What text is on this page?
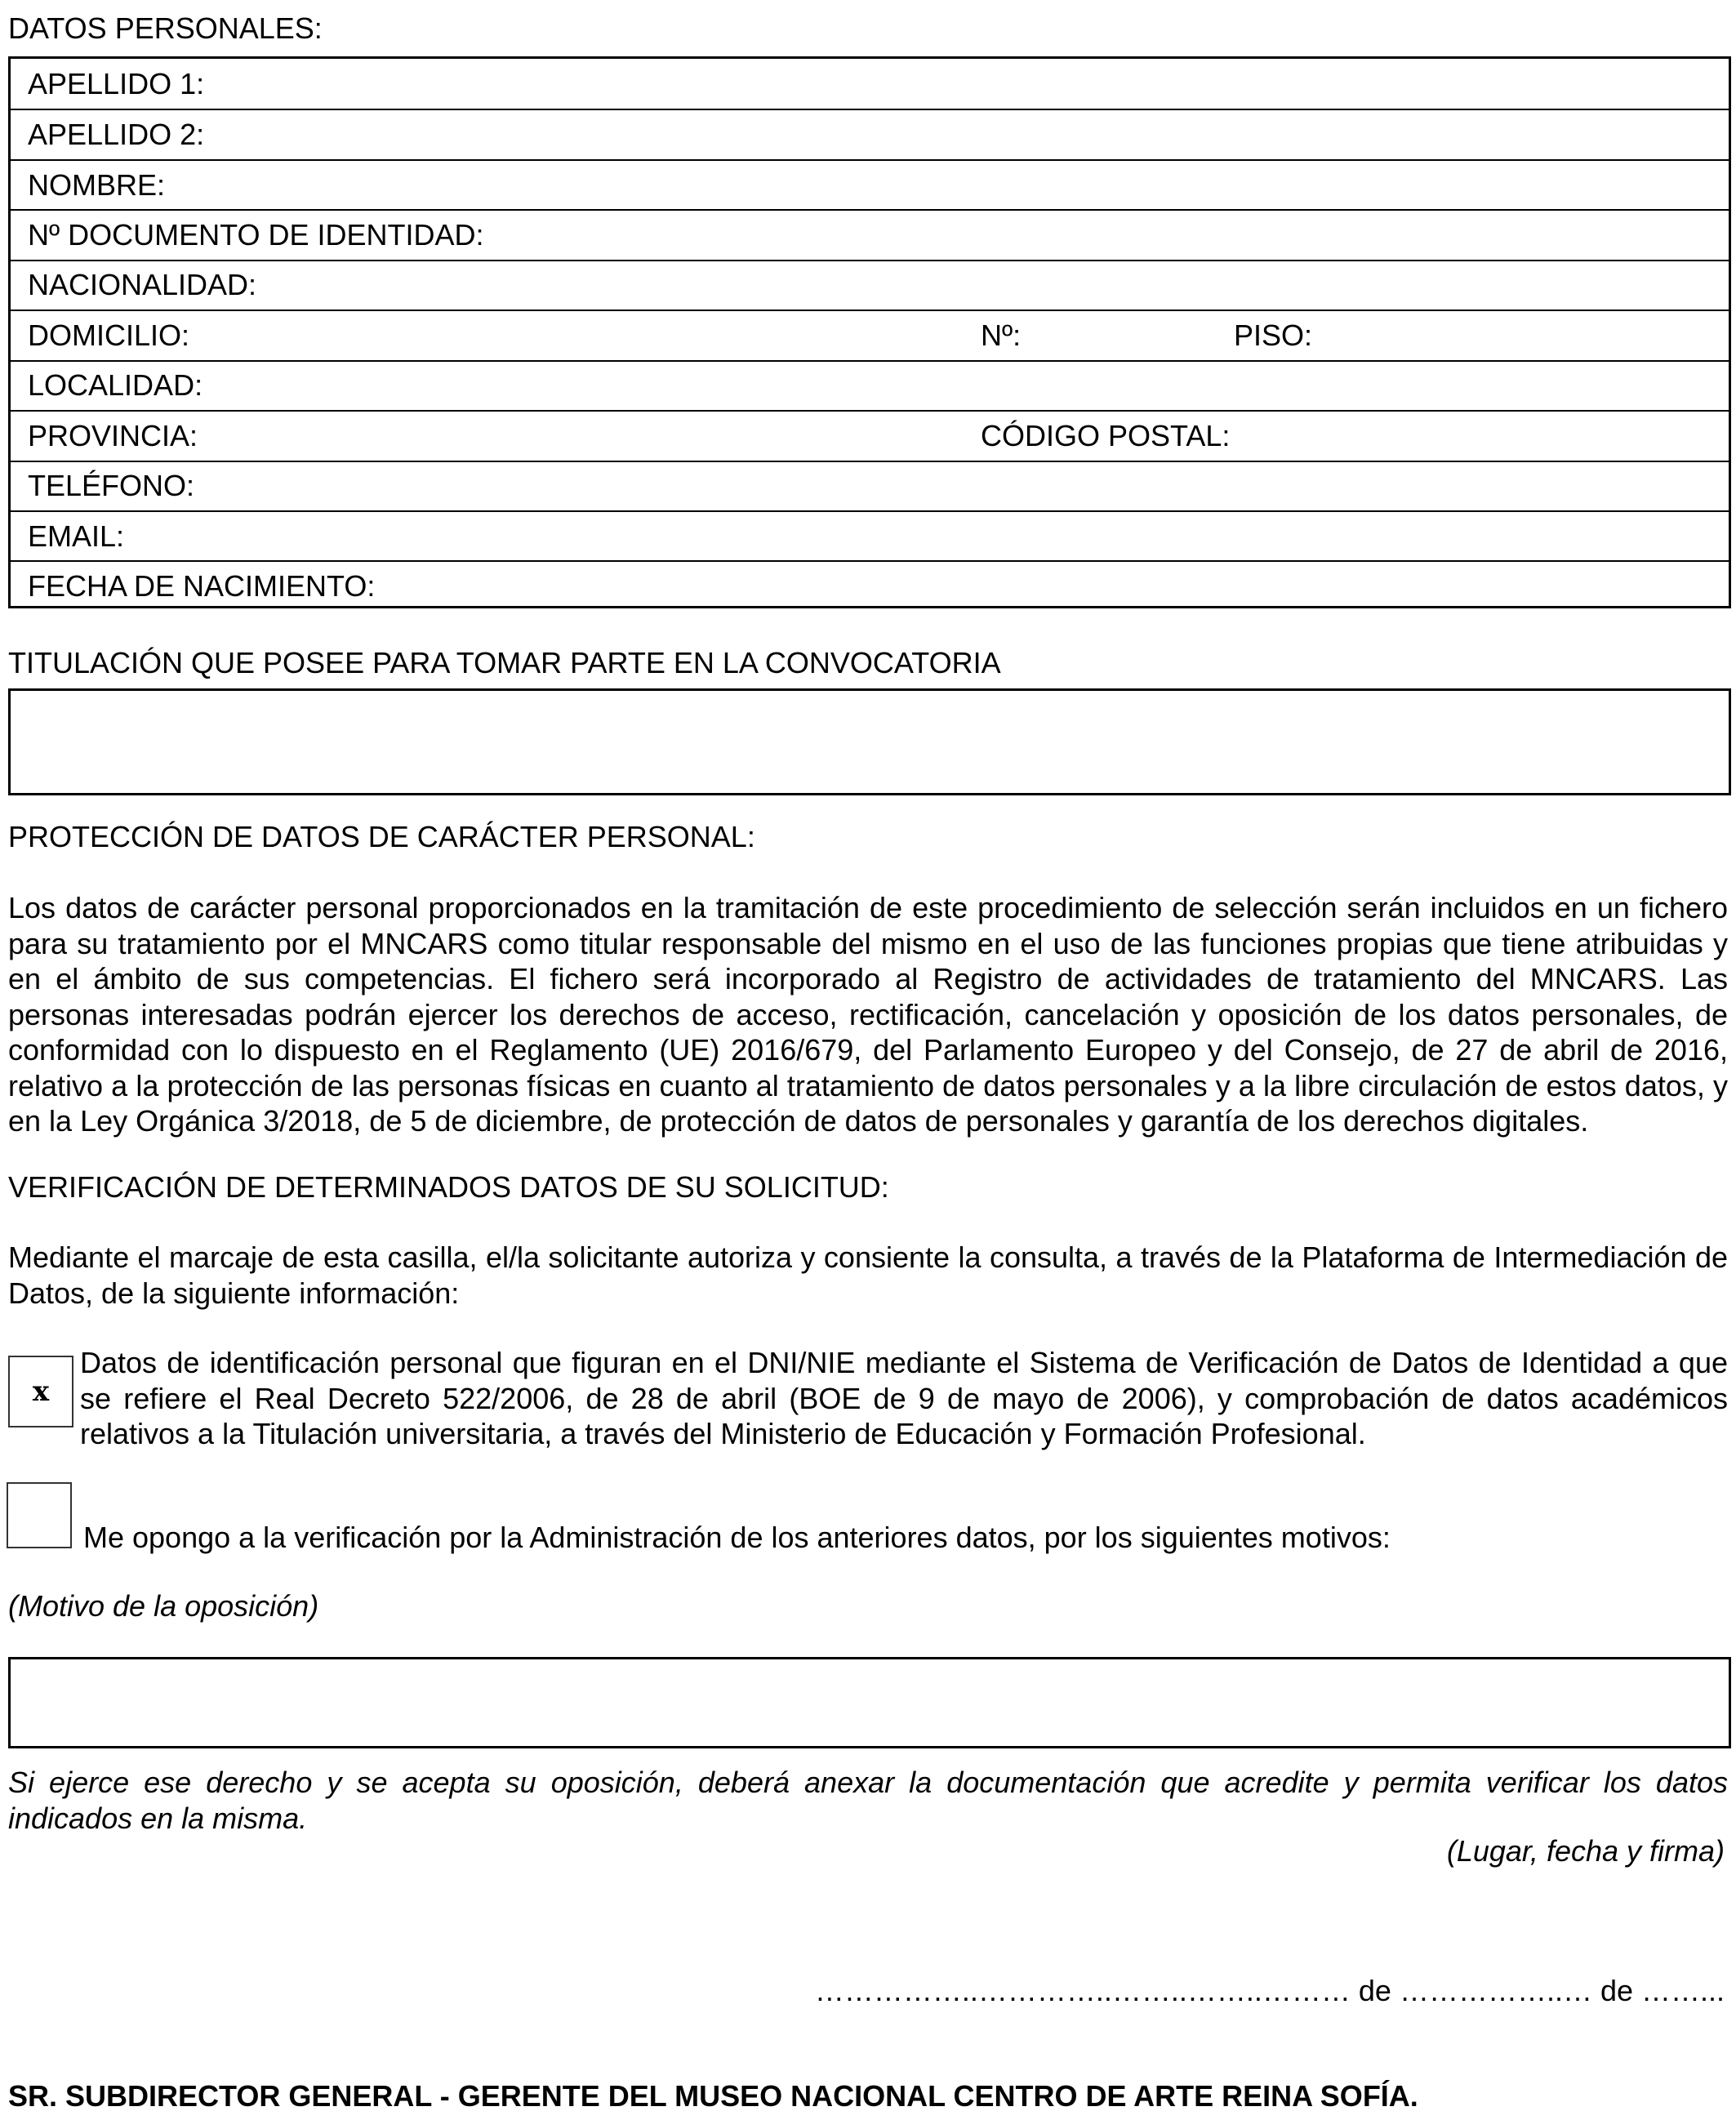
DATOS PERSONALES:
APELLIDO 1:
APELLIDO 2:
NOMBRE:
Nº DOCUMENTO DE IDENTIDAD:
NACIONALIDAD:
DOMICILIO:	Nº:	PISO:
LOCALIDAD:
PROVINCIA:	CÓDIGO POSTAL:
TELÉFONO:
EMAIL:
FECHA DE NACIMIENTO:
TITULACIÓN QUE POSEE PARA TOMAR PARTE EN LA CONVOCATORIA
PROTECCIÓN DE DATOS DE CARÁCTER PERSONAL:

Los datos de carácter personal proporcionados en la tramitación de este procedimiento de selección serán incluidos en un fichero para su tratamiento por el MNCARS como titular responsable del mismo en el uso de las funciones propias que tiene atribuidas y en el ámbito de sus competencias. El fichero será incorporado al Registro de actividades de tratamiento del MNCARS. Las personas interesadas podrán ejercer los derechos de acceso, rectificación, cancelación y oposición de los datos personales, de conformidad con lo dispuesto en el Reglamento (UE) 2016/679, del Parlamento Europeo y del Consejo, de 27 de abril de 2016, relativo a la protección de las personas físicas en cuanto al tratamiento de datos personales y a la libre circulación de estos datos, y en la Ley Orgánica 3/2018, de 5 de diciembre, de protección de datos de personales y garantía de los derechos digitales.

VERIFICACIÓN DE DETERMINADOS DATOS DE SU SOLICITUD:

Mediante el marcaje de esta casilla, el/la solicitante autoriza y consiente la consulta, a través de la Plataforma de Intermediación de Datos, de la siguiente información:

x

Datos de identificación personal que figuran en el DNI/NIE mediante el Sistema de Verificación de Datos de Identidad a que se refiere el Real Decreto 522/2006, de 28 de abril (BOE de 9 de mayo de 2006), y comprobación de datos académicos relativos a la Titulación universitaria, a través del Ministerio de Educación y Formación Profesional.

Me opongo a la verificación por la Administración de los anteriores datos, por los siguientes motivos:
(Motivo de la oposición)

Si ejerce ese derecho y se acepta su oposición, deberá anexar la documentación que acredite y permita verificar los datos indicados en la misma.

(Lugar, fecha y firma)
……………..…………..……..……..……… de ……………..… de ……...
SR. SUBDIRECTOR GENERAL - GERENTE DEL MUSEO NACIONAL CENTRO DE ARTE REINA SOFÍA.
